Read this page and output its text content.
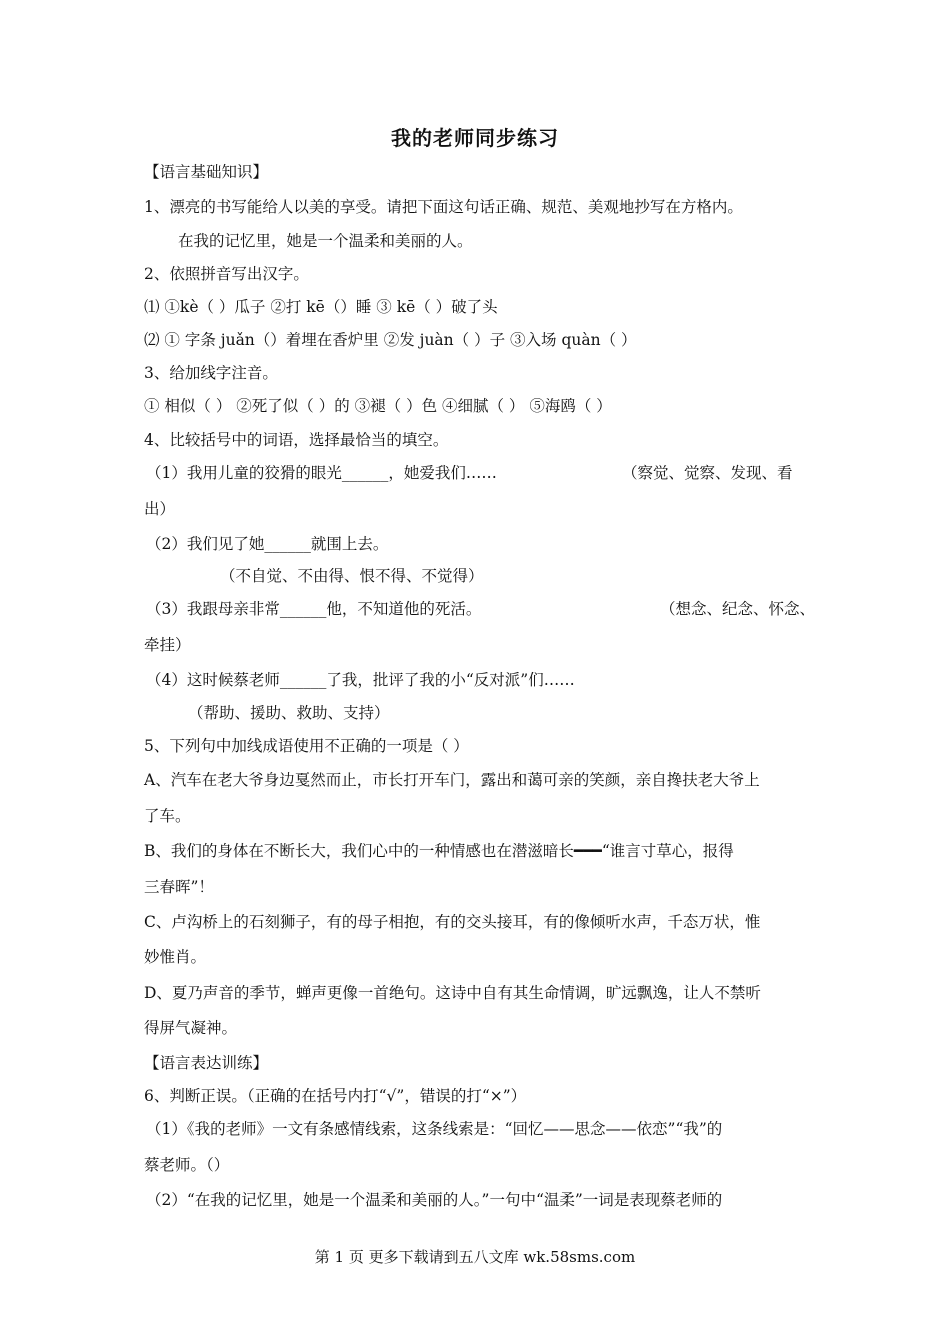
我的老师同步练习
【语言基础知识】
1、漂亮的书写能给人以美的享受。请把下面这句话正确、规范、美观地抄写在方格内。
在我的记忆里，她是一个温柔和美丽的人。
2、依照拼音写出汉字。
⑴ ①kè（ ）瓜子 ②打 kē（）睡 ③ kē（ ）破了头
⑵ ① 字条 juǎn（）着埋在香炉里 ②发 juàn（ ）子 ③入场 quàn（ ）
3、给加线字注音。
① 相似（ ） ②死了似（ ）的 ③褪（ ）色 ④细腻（ ） ⑤海鸥（ ）
4、比较括号中的词语，选择最恰当的填空。
（1）我用儿童的狡猾的眼光______，她爱我们……	（察觉、觉察、发现、看
出）
（2）我们见了她______就围上去。
（不自觉、不由得、恨不得、不觉得）
（3）我跟母亲非常______他，不知道他的死活。	（想念、纪念、怀念、
牵挂）
（4）这时候蔡老师______了我，批评了我的小“反对派”们……
（帮助、援助、救助、支持）
5、下列句中加线成语使用不正确的一项是（ ）
A、汽车在老大爷身边戛然而止，市长打开车门，露出和蔼可亲的笑颜，亲自搀扶老大爷上
了车。
B、我们的身体在不断长大，我们心中的一种情感也在潜滋暗长━━━“谁言寸草心，报得
三春晖”！
C、卢沟桥上的石刻狮子，有的母子相抱，有的交头接耳，有的像倾听水声，千态万状，惟
妙惟肖。
D、夏乃声音的季节，蝉声更像一首绝句。这诗中自有其生命情调，旷远飘逸，让人不禁听
得屏气凝神。
【语言表达训练】
6、判断正误。（正确的在括号内打“√”，错误的打“×”）
（1）《我的老师》一文有条感情线索，这条线索是：“回忆——思念——依恋”“我”的
蔡老师。（）
（2）“在我的记忆里，她是一个温柔和美丽的人。”一句中“温柔”一词是表现蔡老师的
第 1 页 更多下载请到五八文库 wk.58sms.com
